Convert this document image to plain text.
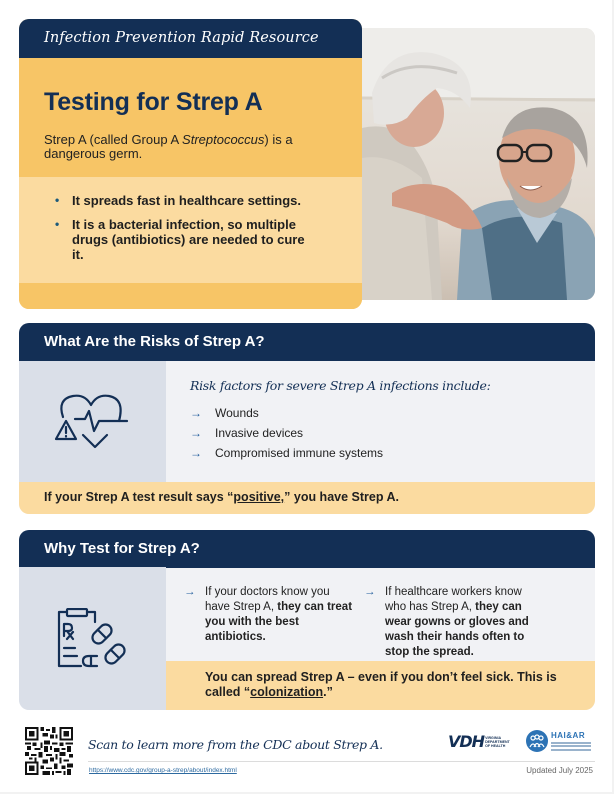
Infection Prevention Rapid Resource
Testing for Strep A

Strep A (called Group A Streptococcus) is a dangerous germ.

• It spreads fast in healthcare settings.
• It is a bacterial infection, so multiple drugs (antibiotics) are needed to cure it.
What Are the Risks of Strep A?

Risk factors for severe Strep A infections include:

→	Wounds
→	Invasive devices
→	Compromised immune systems
If your Strep A test result says “positive,” you have Strep A.
Why Test for Strep A?
→ If your doctors know you have Strep A, they can treat you with the best antibiotics.

→ If healthcare workers know who has Strep A, they can wear gowns or gloves and wash their hands often to stop the spread.

You can spread Strep A – even if you don’t feel sick. This is called “colonization.”
Scan to learn more from the CDC about Strep A.	VDH VIRGINIA
DEPARTMENT
OF HEALTH
HAI&AR
https://www.cdc.gov/group-a-strep/about/index.html	Updated July 2025
